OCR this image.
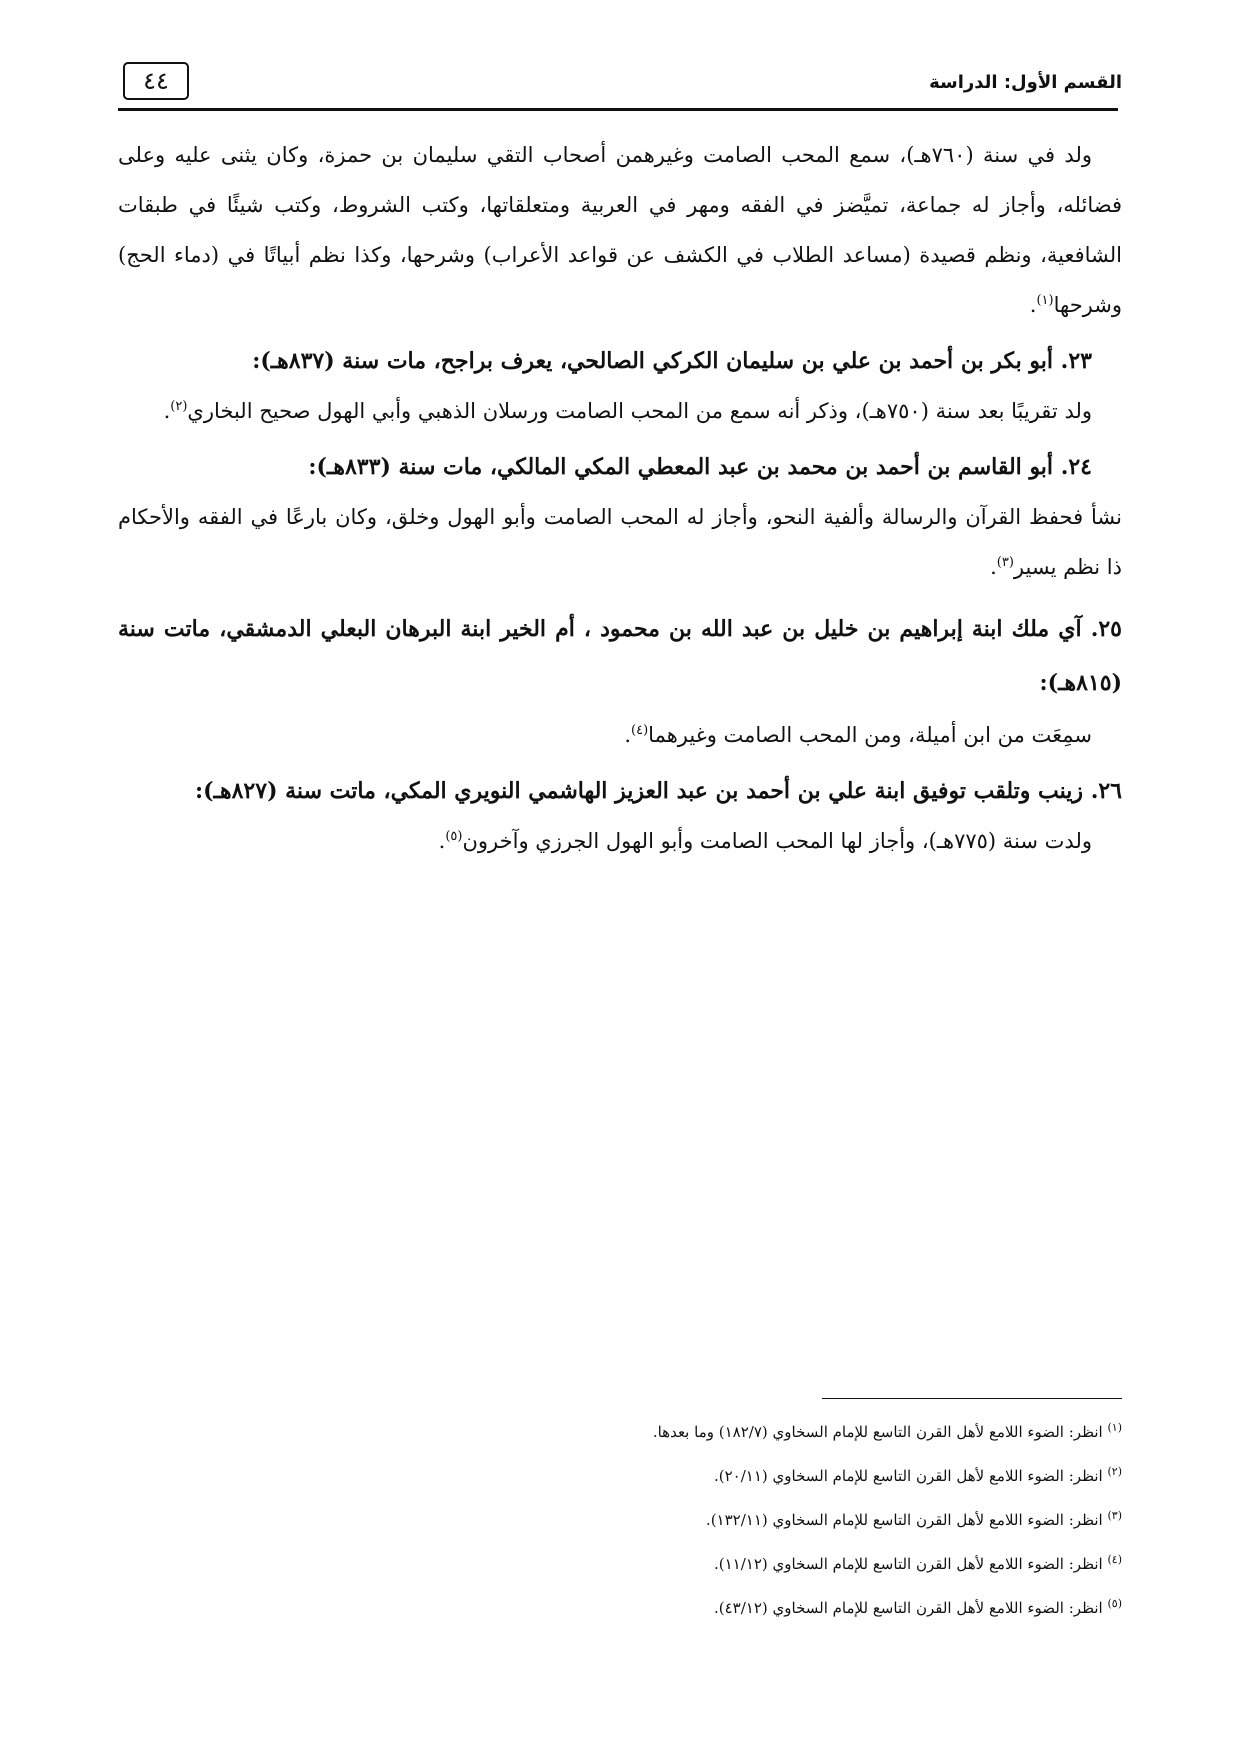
القسم الأول: الدراسة
٤٤

ولد في سنة (٧٦٠هـ)، سمع المحب الصامت وغيرهمن أصحاب التقي سليمان بن حمزة، وكان يثنى عليه وعلى فضائله، وأجاز له جماعة، تميَّضز في الفقه ومهر في العربية ومتعلقاتها، وكتب الشروط، وكتب شيئًا في طبقات الشافعية، ونظم قصيدة (مساعد الطلاب في الكشف عن قواعد الأعراب) وشرحها، وكذا نظم أبياتًا في (دماء الحج) وشرحها$^{(١)}$.

٢٣. أبو بكر بن أحمد بن علي بن سليمان الكركي الصالحي، يعرف براجح، مات سنة (٨٣٧هـ):

ولد تقريبًا بعد سنة (٧٥٠هـ)، وذكر أنه سمع من المحب الصامت ورسلان الذهبي وأبي الهول صحيح البخاري$^{(٢)}$.

٢٤. أبو القاسم بن أحمد بن محمد بن عبد المعطي المكي المالكي، مات سنة (٨٣٣هـ):

نشأ فحفظ القرآن والرسالة وألفية النحو، وأجاز له المحب الصامت وأبو الهول وخلق، وكان بارعًا في الفقه والأحكام ذا نظم يسير$^{(٣)}$.

٢٥. آي ملك ابنة إبراهيم بن خليل بن عبد الله بن محمود ، أم الخير ابنة البرهان البعلي الدمشقي، ماتت سنة (٨١٥هـ):

سمِعَت من ابن أميلة، ومن المحب الصامت وغيرهما$^{(٤)}$.

٢٦. زينب وتلقب توفيق ابنة علي بن أحمد بن عبد العزيز الهاشمي النويري المكي، ماتت سنة (٨٢٧هـ):

ولدت سنة (٧٧٥هـ)، وأجاز لها المحب الصامت وأبو الهول الجرزي وآخرون$^{(٥)}$.

$^{(١)}$ انظر: الضوء اللامع لأهل القرن التاسع للإمام السخاوي (١٨٢/٧) وما بعدها.

$^{(٢)}$ انظر: الضوء اللامع لأهل القرن التاسع للإمام السخاوي (٢٠/١١).

$^{(٣)}$ انظر: الضوء اللامع لأهل القرن التاسع للإمام السخاوي (١٣٢/١١).

$^{(٤)}$ انظر: الضوء اللامع لأهل القرن التاسع للإمام السخاوي (١١/١٢).

$^{(٥)}$ انظر: الضوء اللامع لأهل القرن التاسع للإمام السخاوي (٤٣/١٢).
